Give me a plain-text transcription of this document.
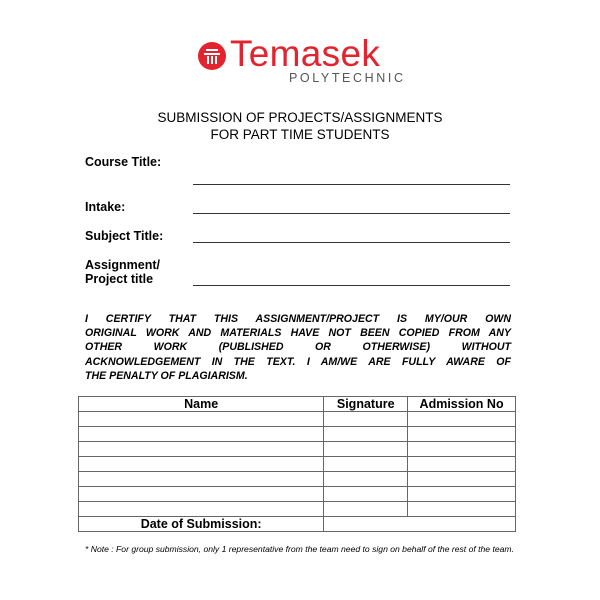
Temasek
POLYTECHNIC
SUBMISSION OF PROJECTS/ASSIGNMENTS
FOR PART TIME STUDENTS
Course Title:
Intake:
Subject Title:
Assignment/
Project title
I CERTIFY THAT THIS ASSIGNMENT/PROJECT IS MY/OUR OWN
ORIGINAL WORK AND MATERIALS HAVE NOT BEEN COPIED FROM ANY
OTHER WORK (PUBLISHED OR OTHERWISE) WITHOUT
ACKNOWLEDGEMENT IN THE TEXT. I AM/WE ARE FULLY AWARE OF
THE PENALTY OF PLAGIARISM.
Name	Signature	Admission No

Date of Submission:		
* Note : For group submission, only 1 representative from the team need to sign on behalf of the rest of the team.
